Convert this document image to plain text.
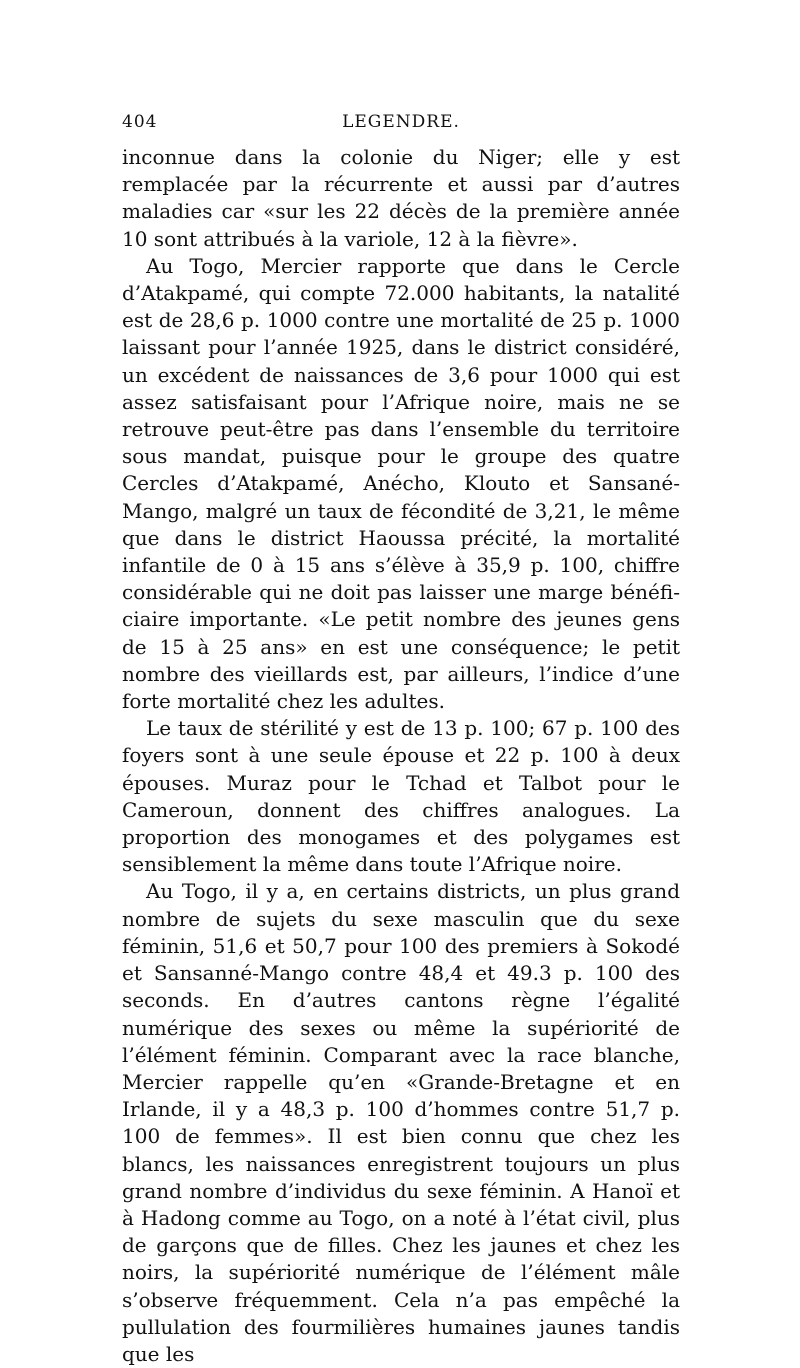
404	LEGENDRE.

inconnue dans la colonie du Niger; elle y est remplacée par la récurrente et aussi par d’autres maladies car «sur les 22 décès de la première année 10 sont attribués à la variole, 12 à la fièvre».

Au Togo, Mercier rapporte que dans le Cercle d’Atakpamé, qui compte 72.000 habitants, la natalité est de 28,6 p. 1000 contre une mortalité de 25 p. 1000 laissant pour l’année 1925, dans le district considéré, un excédent de naissances de 3,6 pour 1000 qui est assez satisfaisant pour l’Afrique noire, mais ne se retrouve peut-être pas dans l’ensemble du territoire sous mandat, puisque pour le groupe des quatre Cercles d’Atakpamé, Anécho, Klouto et Sansané-Mango, malgré un taux de fécondité de 3,21, le même que dans le district Haoussa précité, la mortalité infantile de 0 à 15 ans s’élève à 35,9 p. 100, chiffre considérable qui ne doit pas laisser une marge bénéficiaire importante. «Le petit nombre des jeunes gens de 15 à 25 ans» en est une conséquence; le petit nombre des vieillards est, par ailleurs, l’indice d’une forte mortalité chez les adultes.

Le taux de stérilité y est de 13 p. 100; 67 p. 100 des foyers sont à une seule épouse et 22 p. 100 à deux épouses. Muraz pour le Tchad et Talbot pour le Cameroun, donnent des chiffres analogues. La proportion des monogames et des polygames est sensiblement la même dans toute l’Afrique noire.

Au Togo, il y a, en certains districts, un plus grand nombre de sujets du sexe masculin que du sexe féminin, 51,6 et 50,7 pour 100 des premiers à Sokodé et Sansanné-Mango contre 48,4 et 49.3 p. 100 des seconds. En d’autres cantons règne l’égalité numérique des sexes ou même la supériorité de l’élément féminin. Comparant avec la race blanche, Mercier rappelle qu’en «Grande-Bretagne et en Irlande, il y a 48,3 p. 100 d’hommes contre 51,7 p. 100 de femmes». Il est bien connu que chez les blancs, les naissances enregistrent toujours un plus grand nombre d’individus du sexe féminin. A Hanoï et à Hadong comme au Togo, on a noté à l’état civil, plus de garçons que de filles. Chez les jaunes et chez les noirs, la supériorité numérique de l’élément mâle s’observe fréquemment. Cela n’a pas empêché la pullulation des fourmilières humaines jaunes tandis que les
